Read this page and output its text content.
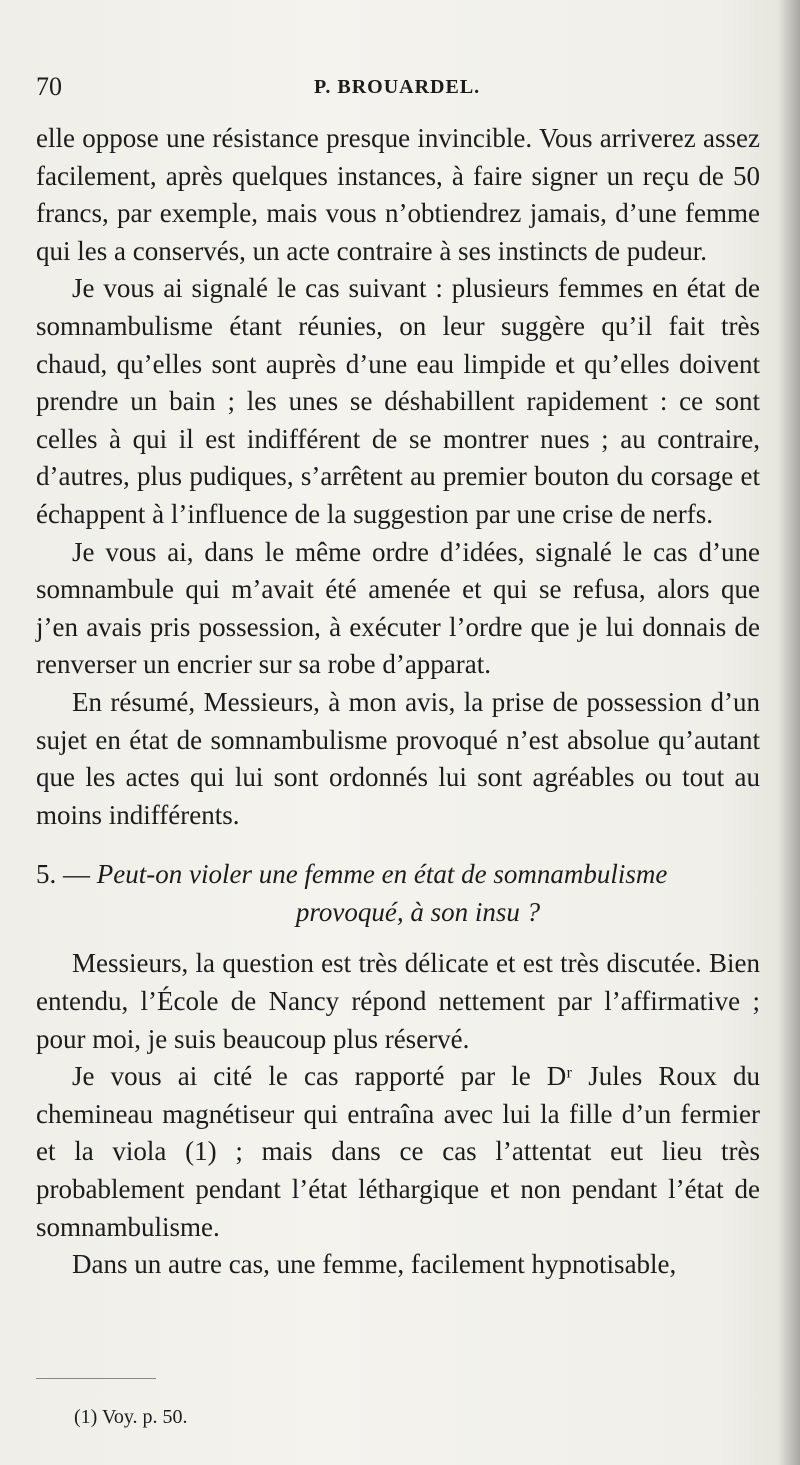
70	P. BROUARDEL.

elle oppose une résistance presque invincible. Vous arriverez assez facilement, après quelques instances, à faire signer un reçu de 50 francs, par exemple, mais vous n’obtiendrez jamais, d’une femme qui les a conservés, un acte contraire à ses instincts de pudeur.

Je vous ai signalé le cas suivant : plusieurs femmes en état de somnambulisme étant réunies, on leur suggère qu’il fait très chaud, qu’elles sont auprès d’une eau limpide et qu’elles doivent prendre un bain ; les unes se déshabillent rapidement : ce sont celles à qui il est indifférent de se montrer nues ; au contraire, d’autres, plus pudiques, s’arrêtent au premier bouton du corsage et échappent à l’influence de la suggestion par une crise de nerfs.

Je vous ai, dans le même ordre d’idées, signalé le cas d’une somnambule qui m’avait été amenée et qui se refusa, alors que j’en avais pris possession, à exécuter l’ordre que je lui donnais de renverser un encrier sur sa robe d’apparat.

En résumé, Messieurs, à mon avis, la prise de possession d’un sujet en état de somnambulisme provoqué n’est absolue qu’autant que les actes qui lui sont ordonnés lui sont agréables ou tout au moins indifférents.

5. — Peut-on violer une femme en état de somnambulisme
provoqué, à son insu ?

Messieurs, la question est très délicate et est très discutée. Bien entendu, l’École de Nancy répond nettement par l’affirmative ; pour moi, je suis beaucoup plus réservé.

Je vous ai cité le cas rapporté par le Dʳ Jules Roux du chemineau magnétiseur qui entraîna avec lui la fille d’un fermier et la viola (1) ; mais dans ce cas l’attentat eut lieu très probablement pendant l’état léthargique et non pendant l’état de somnambulisme.

Dans un autre cas, une femme, facilement hypnotisable,

(1) Voy. p. 50.
